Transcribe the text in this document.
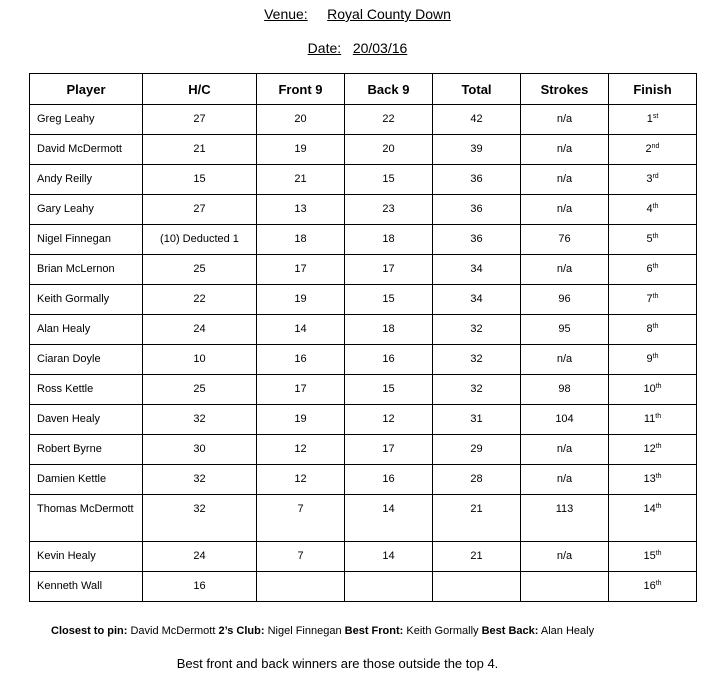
Venue: Royal County Down
Date: 20/03/16
Player	H/C	Front 9	Back 9	Total	Strokes	Finish
Greg Leahy	27	20	22	42	n/a	1st
David McDermott	21	19	20	39	n/a	2nd
Andy Reilly	15	21	15	36	n/a	3rd
Gary Leahy	27	13	23	36	n/a	4th
Nigel Finnegan	(10) Deducted 1	18	18	36	76	5th
Brian McLernon	25	17	17	34	n/a	6th
Keith Gormally	22	19	15	34	96	7th
Alan Healy	24	14	18	32	95	8th
Ciaran Doyle	10	16	16	32	n/a	9th
Ross Kettle	25	17	15	32	98	10th
Daven Healy	32	19	12	31	104	11th
Robert Byrne	30	12	17	29	n/a	12th
Damien Kettle	32	12	16	28	n/a	13th
Thomas McDermott	32	7	14	21	113	14th
Kevin Healy	24	7	14	21	n/a	15th
Kenneth Wall	16					16th
Closest to pin: David McDermott 2’s Club: Nigel Finnegan Best Front: Keith Gormally Best Back: Alan Healy
Best front and back winners are those outside the top 4.
